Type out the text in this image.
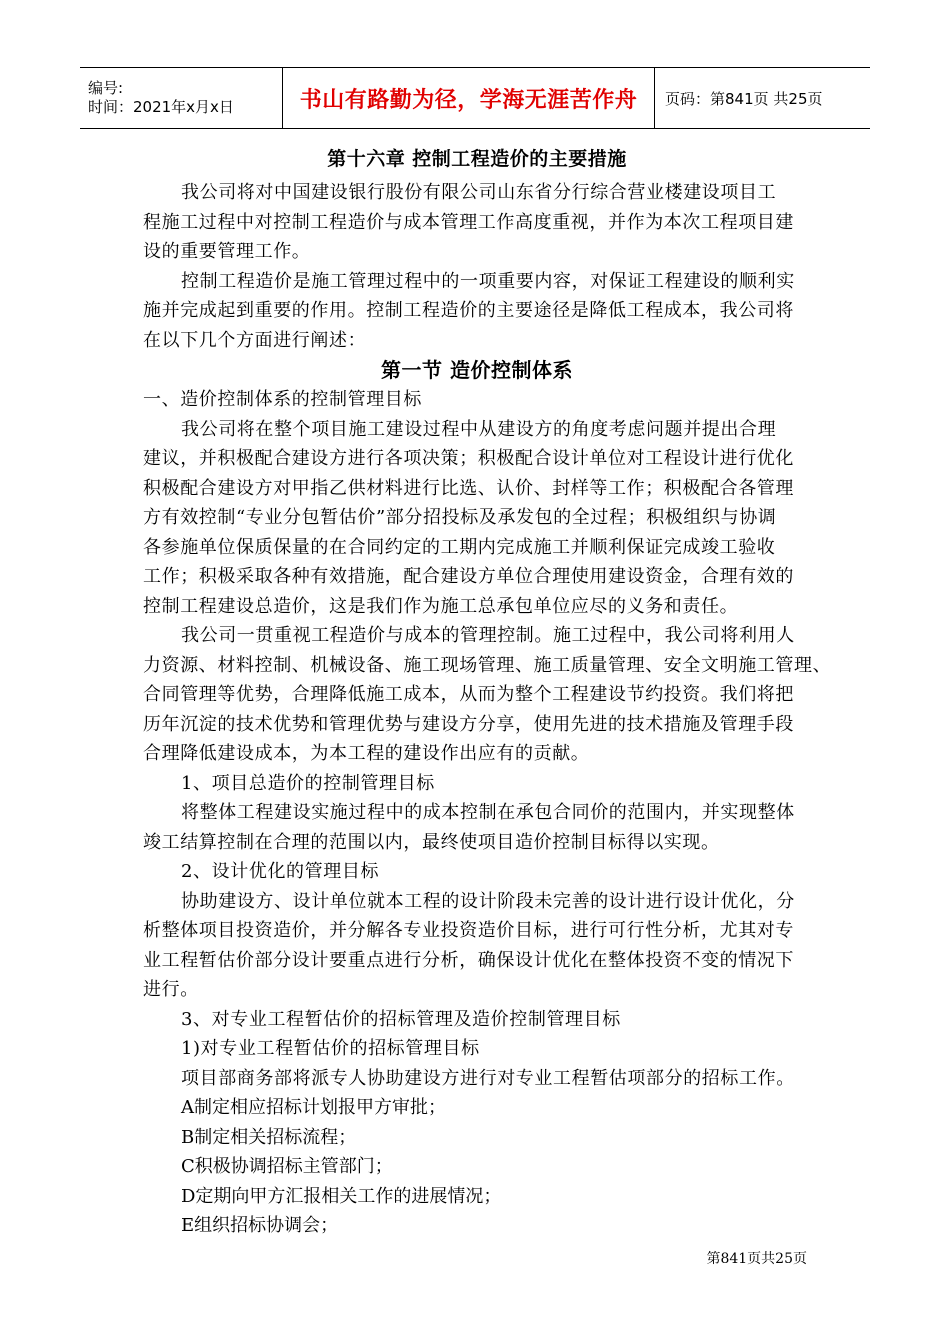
编号:
时间：2021年x月x日	书山有路勤为径，学海无涯苦作舟 页码：第841页 共25页
第十六章 控制工程造价的主要措施
我公司将对中国建设银行股份有限公司山东省分行综合营业楼建设项目工
程施工过程中对控制工程造价与成本管理工作高度重视，并作为本次工程项目建
设的重要管理工作。
控制工程造价是施工管理过程中的一项重要内容，对保证工程建设的顺利实
施并完成起到重要的作用。控制工程造价的主要途径是降低工程成本，我公司将
在以下几个方面进行阐述：
第一节 造价控制体系
一、造价控制体系的控制管理目标
我公司将在整个项目施工建设过程中从建设方的角度考虑问题并提出合理
建议，并积极配合建设方进行各项决策；积极配合设计单位对工程设计进行优化
积极配合建设方对甲指乙供材料进行比选、认价、封样等工作；积极配合各管理
方有效控制“专业分包暂估价”部分招投标及承发包的全过程；积极组织与协调
各参施单位保质保量的在合同约定的工期内完成施工并顺利保证完成竣工验收
工作；积极采取各种有效措施，配合建设方单位合理使用建设资金，合理有效的
控制工程建设总造价，这是我们作为施工总承包单位应尽的义务和责任。
我公司一贯重视工程造价与成本的管理控制。施工过程中，我公司将利用人
力资源、材料控制、机械设备、施工现场管理、施工质量管理、安全文明施工管理、
合同管理等优势，合理降低施工成本，从而为整个工程建设节约投资。我们将把
历年沉淀的技术优势和管理优势与建设方分享，使用先进的技术措施及管理手段
合理降低建设成本，为本工程的建设作出应有的贡献。
1、项目总造价的控制管理目标
将整体工程建设实施过程中的成本控制在承包合同价的范围内，并实现整体
竣工结算控制在合理的范围以内，最终使项目造价控制目标得以实现。
2、设计优化的管理目标
协助建设方、设计单位就本工程的设计阶段未完善的设计进行设计优化，分
析整体项目投资造价，并分解各专业投资造价目标，进行可行性分析，尤其对专
业工程暂估价部分设计要重点进行分析，确保设计优化在整体投资不变的情况下
进行。
3、对专业工程暂估价的招标管理及造价控制管理目标
1)对专业工程暂估价的招标管理目标
项目部商务部将派专人协助建设方进行对专业工程暂估项部分的招标工作。
A制定相应招标计划报甲方审批；
B制定相关招标流程；
C积极协调招标主管部门；
D定期向甲方汇报相关工作的进展情况；
E组织招标协调会；
第841页共25页
